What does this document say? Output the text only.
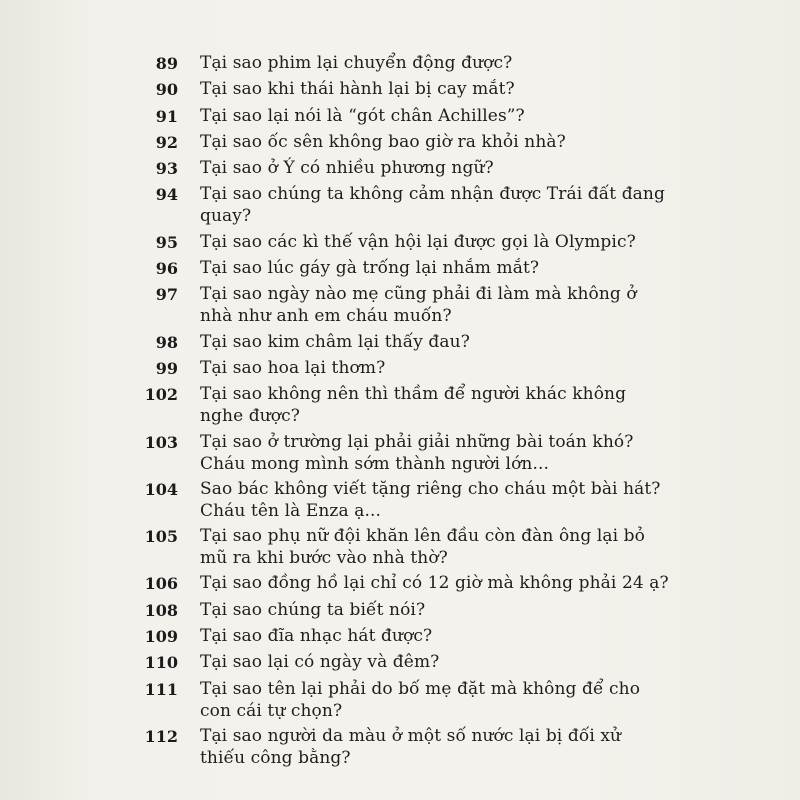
89 Tại sao phim lại chuyển động được?
90 Tại sao khi thái hành lại bị cay mắt?
91 Tại sao lại nói là “gót chân Achilles”?
92 Tại sao ốc sên không bao giờ ra khỏi nhà?
93 Tại sao ở Ý có nhiều phương ngữ?
94 Tại sao chúng ta không cảm nhận được Trái đất đang quay?
95 Tại sao các kì thế vận hội lại được gọi là Olympic?
96 Tại sao lúc gáy gà trống lại nhắm mắt?
97 Tại sao ngày nào mẹ cũng phải đi làm mà không ở nhà như anh em cháu muốn?
98 Tại sao kim châm lại thấy đau?
99 Tại sao hoa lại thơm?
102 Tại sao không nên thì thầm để người khác không nghe được?
103 Tại sao ở trường lại phải giải những bài toán khó? Cháu mong mình sớm thành người lớn...
104 Sao bác không viết tặng riêng cho cháu một bài hát? Cháu tên là Enza ạ...
105 Tại sao phụ nữ đội khăn lên đầu còn đàn ông lại bỏ mũ ra khi bước vào nhà thờ?
106 Tại sao đồng hồ lại chỉ có 12 giờ mà không phải 24 ạ?
108 Tại sao chúng ta biết nói?
109 Tại sao đĩa nhạc hát được?
110 Tại sao lại có ngày và đêm?
111 Tại sao tên lại phải do bố mẹ đặt mà không để cho con cái tự chọn?
112 Tại sao người da màu ở một số nước lại bị đối xử thiếu công bằng?
